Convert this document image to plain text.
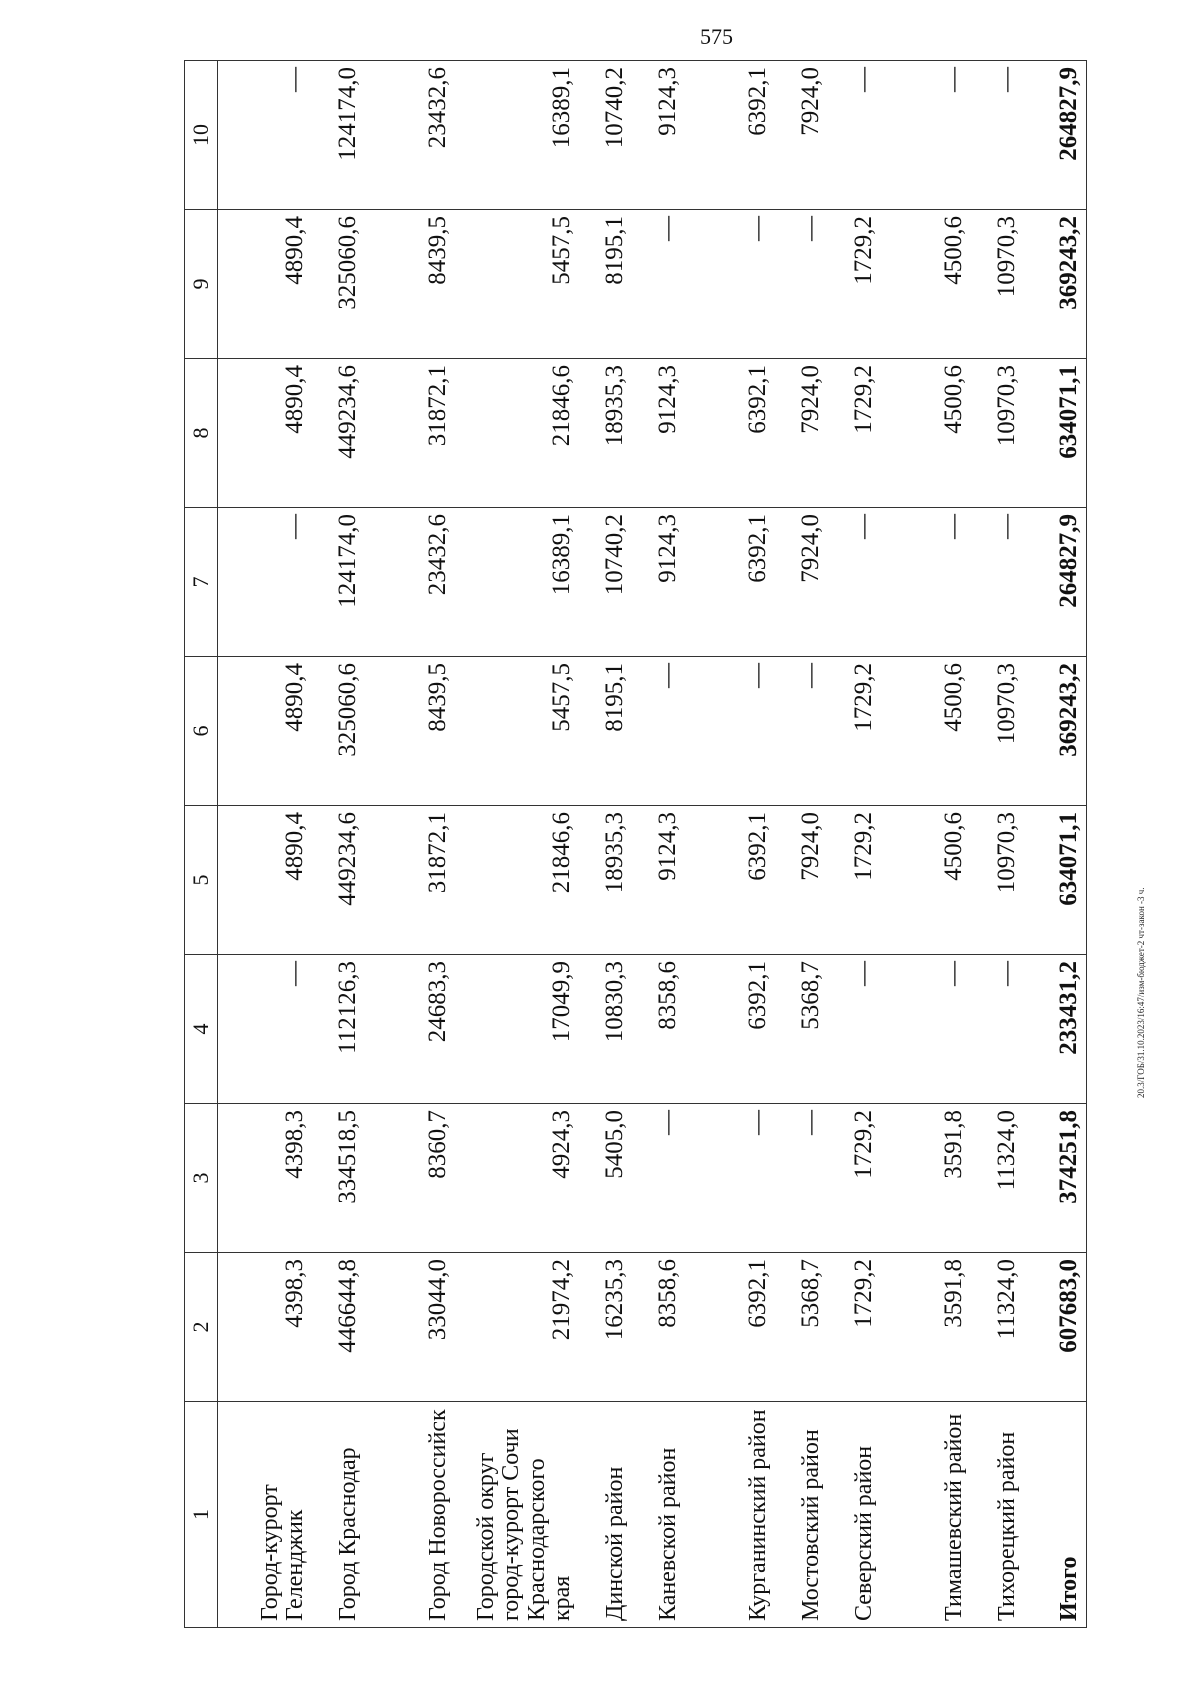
575
1	2	3	4	5	6	7	8	9	10
Город-курорт Геленджик	4398,3	4398,3	—	4890,4	4890,4	—	4890,4	4890,4	—
Город Краснодар	446644,8	334518,5	112126,3	449234,6	325060,6	124174,0	449234,6	325060,6	124174,0
Город Новороссийск	33044,0	8360,7	24683,3	31872,1	8439,5	23432,6	31872,1	8439,5	23432,6
Городской округ город-курорт Сочи Краснодарского края	21974,2	4924,3	17049,9	21846,6	5457,5	16389,1	21846,6	5457,5	16389,1
Динской район	16235,3	5405,0	10830,3	18935,3	8195,1	10740,2	18935,3	8195,1	10740,2
Каневской район	8358,6	—	8358,6	9124,3	—	9124,3	9124,3	—	9124,3
Курганинский район	6392,1	—	6392,1	6392,1	—	6392,1	6392,1	—	6392,1
Мостовский район	5368,7	—	5368,7	7924,0	—	7924,0	7924,0	—	7924,0
Северский район	1729,2	1729,2	—	1729,2	1729,2	—	1729,2	1729,2	—
Тимашевский район	3591,8	3591,8	—	4500,6	4500,6	—	4500,6	4500,6	—
Тихорецкий район	11324,0	11324,0	—	10970,3	10970,3	—	10970,3	10970,3	—
Итого	607683,0	374251,8	233431,2	634071,1	369243,2	264827,9	634071,1	369243,2	264827,9
20.3/ГОБ/31.10.2023/16:47/изм-бюджет-2 чт-закон -3 ч.
